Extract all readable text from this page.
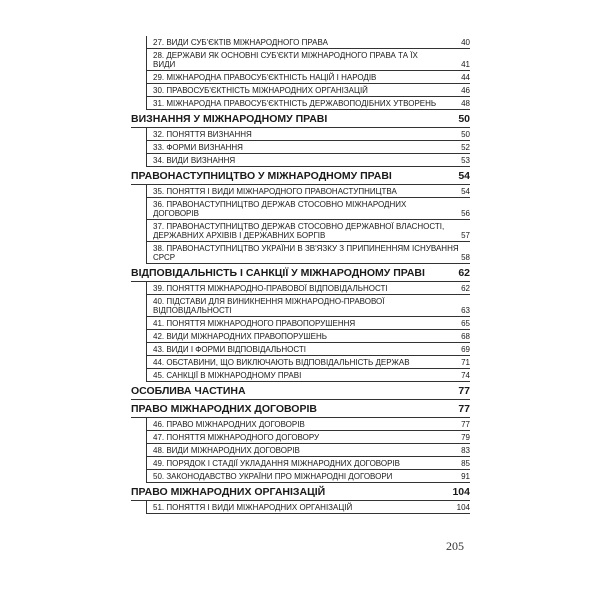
27. ВИДИ СУБ'ЄКТІВ МІЖНАРОДНОГО ПРАВА	40
28. ДЕРЖАВИ ЯК ОСНОВНІ СУБ'ЄКТИ МІЖНАРОДНОГО ПРАВА ТА ЇХ ВИДИ	41
29. МІЖНАРОДНА ПРАВОСУБ'ЄКТНІСТЬ НАЦІЙ І НАРОДІВ	44
30. ПРАВОСУБ'ЄКТНІСТЬ МІЖНАРОДНИХ ОРГАНІЗАЦІЙ	46
31. МІЖНАРОДНА ПРАВОСУБ'ЄКТНІСТЬ ДЕРЖАВОПОДІБНИХ УТВОРЕНЬ	48
ВИЗНАННЯ У МІЖНАРОДНОМУ ПРАВІ	50
32. ПОНЯТТЯ ВИЗНАННЯ	50
33. ФОРМИ ВИЗНАННЯ	52
34. ВИДИ ВИЗНАННЯ	53
ПРАВОНАСТУПНИЦТВО У МІЖНАРОДНОМУ ПРАВІ	54
35. ПОНЯТТЯ І ВИДИ МІЖНАРОДНОГО ПРАВОНАСТУПНИЦТВА	54
36. ПРАВОНАСТУПНИЦТВО ДЕРЖАВ СТОСОВНО МІЖНАРОДНИХ ДОГОВОРІВ	56
37. ПРАВОНАСТУПНИЦТВО ДЕРЖАВ СТОСОВНО ДЕРЖАВНОЇ ВЛАСНОСТІ, ДЕРЖАВНИХ АРХІВІВ І ДЕРЖАВНИХ БОРГІВ	57
38. ПРАВОНАСТУПНИЦТВО УКРАЇНИ В ЗВ'ЯЗКУ З ПРИПИНЕННЯМ ІСНУВАННЯ СРСР	58
ВІДПОВІДАЛЬНІСТЬ І САНКЦІЇ У МІЖНАРОДНОМУ ПРАВІ	62
39. ПОНЯТТЯ МІЖНАРОДНО-ПРАВОВОЇ ВІДПОВІДАЛЬНОСТІ	62
40. ПІДСТАВИ ДЛЯ ВИНИКНЕННЯ МІЖНАРОДНО-ПРАВОВОЇ ВІДПОВІДАЛЬНОСТІ	63
41. ПОНЯТТЯ МІЖНАРОДНОГО ПРАВОПОРУШЕННЯ	65
42. ВИДИ МІЖНАРОДНИХ ПРАВОПОРУШЕНЬ	68
43. ВИДИ І ФОРМИ ВІДПОВІДАЛЬНОСТІ	69
44. ОБСТАВИНИ, ЩО ВИКЛЮЧАЮТЬ ВІДПОВІДАЛЬНІСТЬ ДЕРЖАВ	71
45. САНКЦІЇ В МІЖНАРОДНОМУ ПРАВІ	74
ОСОБЛИВА ЧАСТИНА	77
ПРАВО МІЖНАРОДНИХ ДОГОВОРІВ	77
46. ПРАВО МІЖНАРОДНИХ ДОГОВОРІВ	77
47. ПОНЯТТЯ МІЖНАРОДНОГО ДОГОВОРУ	79
48. ВИДИ МІЖНАРОДНИХ ДОГОВОРІВ	83
49. ПОРЯДОК І СТАДІЇ УКЛАДАННЯ МІЖНАРОДНИХ ДОГОВОРІВ	85
50. ЗАКОНОДАВСТВО УКРАЇНИ ПРО МІЖНАРОДНІ ДОГОВОРИ	91
ПРАВО МІЖНАРОДНИХ ОРГАНІЗАЦІЙ	104
51. ПОНЯТТЯ І ВИДИ МІЖНАРОДНИХ ОРГАНІЗАЦІЙ	104
205
